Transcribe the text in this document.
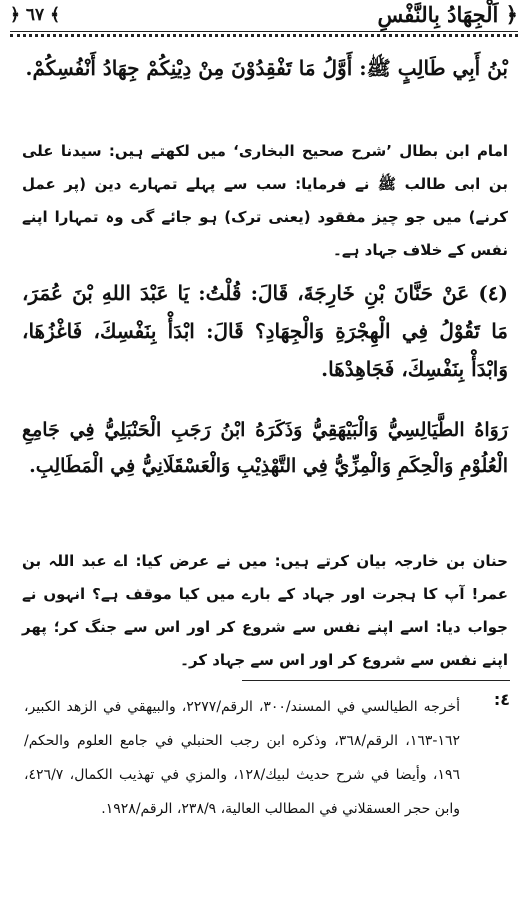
﴿ اَلْجِهَادُ بِالنَّفْسِ
﴿ ٦٧ ﴾

بْنُ أَبِي طَالِبٍ ﷺ: أَوَّلُ مَا تَفْقِدُوْنَ مِنْ دِيْنِكُمْ جِهَادُ أَنْفُسِكُمْ.

امام ابن بطال ’شرح صحیح البخاری‘ میں لکھتے ہیں: سیدنا علی بن ابی طالب ﷺ نے فرمایا: سب سے پہلے تمہارے دین (پر عمل کرنے) میں جو چیز مفقود (یعنی ترک) ہو جائے گی وہ تمہارا اپنے نفس کے خلاف جہاد ہے۔

(٤) عَنْ حَنَّانَ بْنِ خَارِجَةَ، قَالَ: قُلْتُ: يَا عَبْدَ اللهِ بْنَ عُمَرَ، مَا تَقُوْلُ فِي الْهِجْرَةِ وَالْجِهَادِ؟ قَالَ: ابْدَأْ بِنَفْسِكَ، فَاغْزُهَا، وَابْدَأْ بِنَفْسِكَ، فَجَاهِدْهَا.

رَوَاهُ الطَّيَالِسِيُّ وَالْبَيْهَقِيُّ وَذَكَرَهُ ابْنُ رَجَبِ الْحَنْبَلِيُّ فِي جَامِعِ الْعُلُوْمِ وَالْحِكَمِ وَالْمِزِّيُّ فِي التَّهْذِيْبِ وَالْعَسْقَلَانِيُّ فِي الْمَطَالِبِ.

حنان بن خارجہ بیان کرتے ہیں: میں نے عرض کیا: اے عبد اللہ بن عمر! آپ کا ہجرت اور جہاد کے بارے میں کیا موقف ہے؟ انہوں نے جواب دیا: اسے اپنے نفس سے شروع کر اور اس سے جنگ کر؛ پھر اپنے نفس سے شروع کر اور اس سے جہاد کر۔

٤:

أخرجه الطيالسي في المسند/٣٠٠، الرقم/٢٢٧٧، والبيهقي في الزهد الكبير، ١٦٢-١٦٣، الرقم/٣٦٨، وذكره ابن رجب الحنبلي في جامع العلوم والحكم/١٩٦، وأيضا في شرح حديث لبيك/١٢٨، والمزي في تهذيب الكمال، ٤٢٦/٧، وابن حجر العسقلاني في المطالب العالية، ٢٣٨/٩، الرقم/١٩٢٨.
